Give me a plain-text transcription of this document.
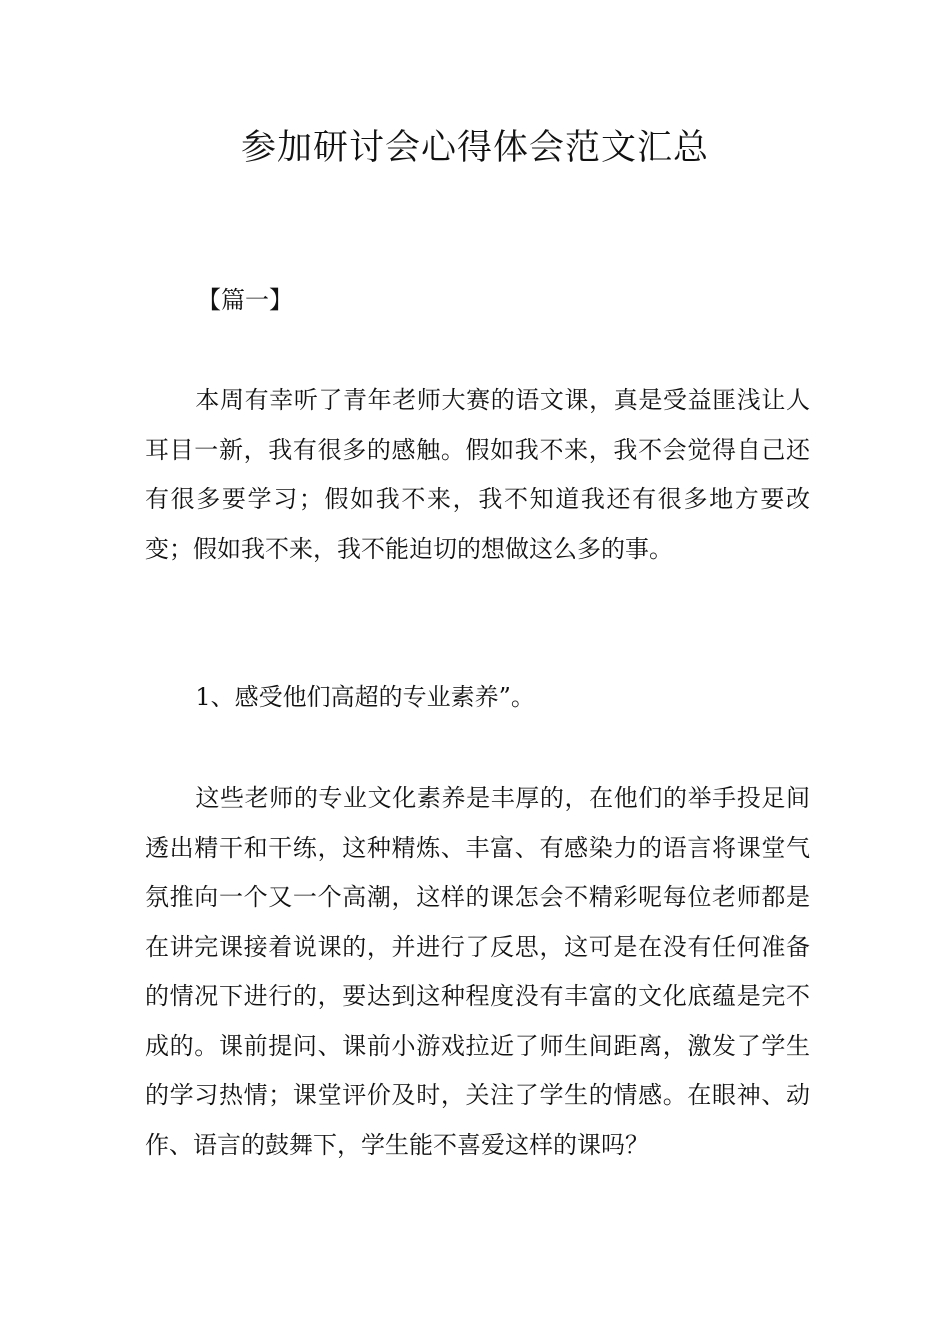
参加研讨会心得体会范文汇总
【篇一】

本周有幸听了青年老师大赛的语文课，真是受益匪浅让人耳目一新，我有很多的感触。假如我不来，我不会觉得自己还有很多要学习；假如我不来，我不知道我还有很多地方要改变；假如我不来，我不能迫切的想做这么多的事。

1、感受他们高超的专业素养”。

这些老师的专业文化素养是丰厚的，在他们的举手投足间透出精干和干练，这种精炼、丰富、有感染力的语言将课堂气氛推向一个又一个高潮，这样的课怎会不精彩呢每位老师都是在讲完课接着说课的，并进行了反思，这可是在没有任何准备的情况下进行的，要达到这种程度没有丰富的文化底蕴是完不成的。课前提问、课前小游戏拉近了师生间距离，激发了学生的学习热情；课堂评价及时，关注了学生的情感。在眼神、动作、语言的鼓舞下，学生能不喜爱这样的课吗？
